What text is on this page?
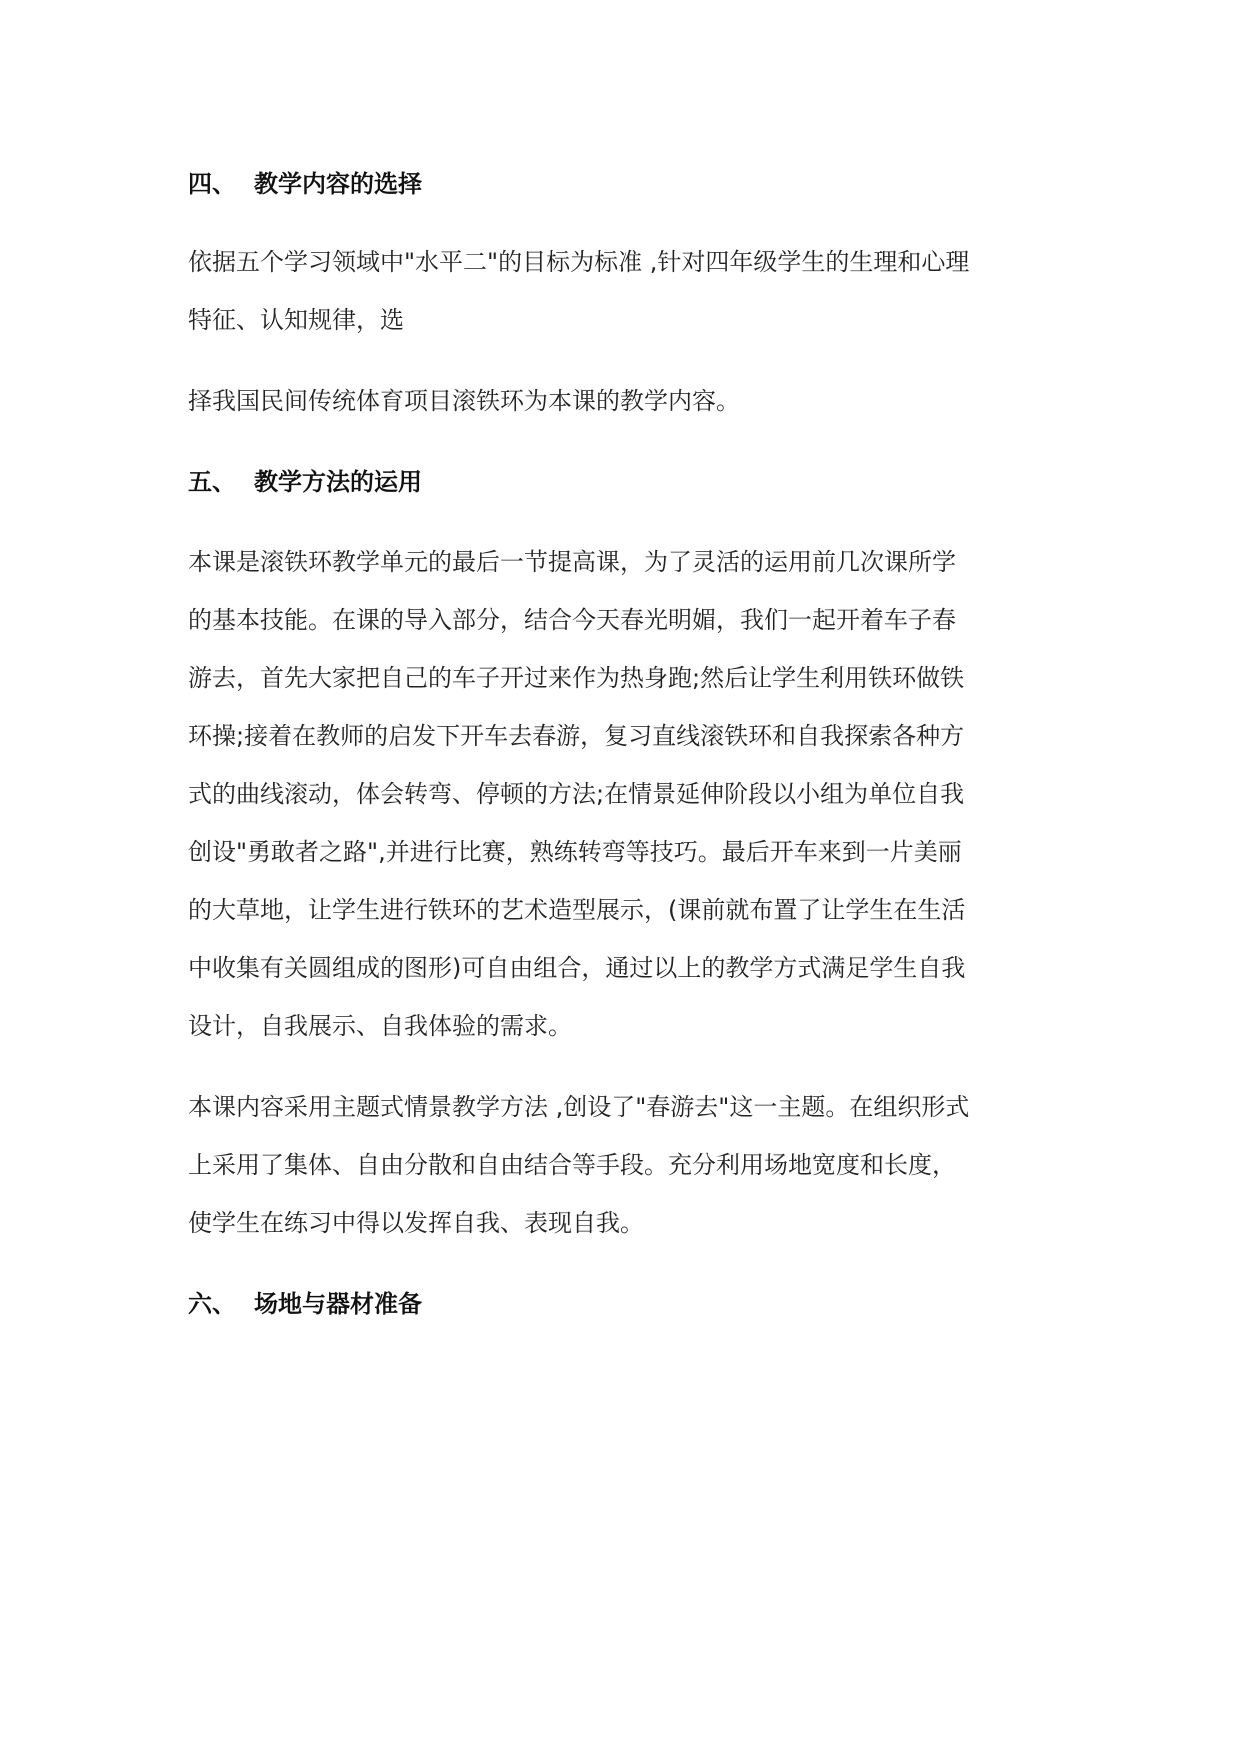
四、 教学内容的选择
依据五个学习领域中"水平二"的目标为标准 ,针对四年级学生的生理和心理
特征、认知规律，选
择我国民间传统体育项目滚铁环为本课的教学内容。
五、 教学方法的运用
本课是滚铁环教学单元的最后一节提高课，为了灵活的运用前几次课所学
的基本技能。在课的导入部分，结合今天春光明媚，我们一起开着车子春
游去，首先大家把自己的车子开过来作为热身跑;然后让学生利用铁环做铁
环操;接着在教师的启发下开车去春游，复习直线滚铁环和自我探索各种方
式的曲线滚动，体会转弯、停顿的方法;在情景延伸阶段以小组为单位自我
创设"勇敢者之路",并进行比赛，熟练转弯等技巧。最后开车来到一片美丽
的大草地，让学生进行铁环的艺术造型展示，(课前就布置了让学生在生活
中收集有关圆组成的图形)可自由组合，通过以上的教学方式满足学生自我
设计，自我展示、自我体验的需求。
本课内容采用主题式情景教学方法 ,创设了"春游去"这一主题。在组织形式
上采用了集体、自由分散和自由结合等手段。充分利用场地宽度和长度，
使学生在练习中得以发挥自我、表现自我。
六、 场地与器材准备
